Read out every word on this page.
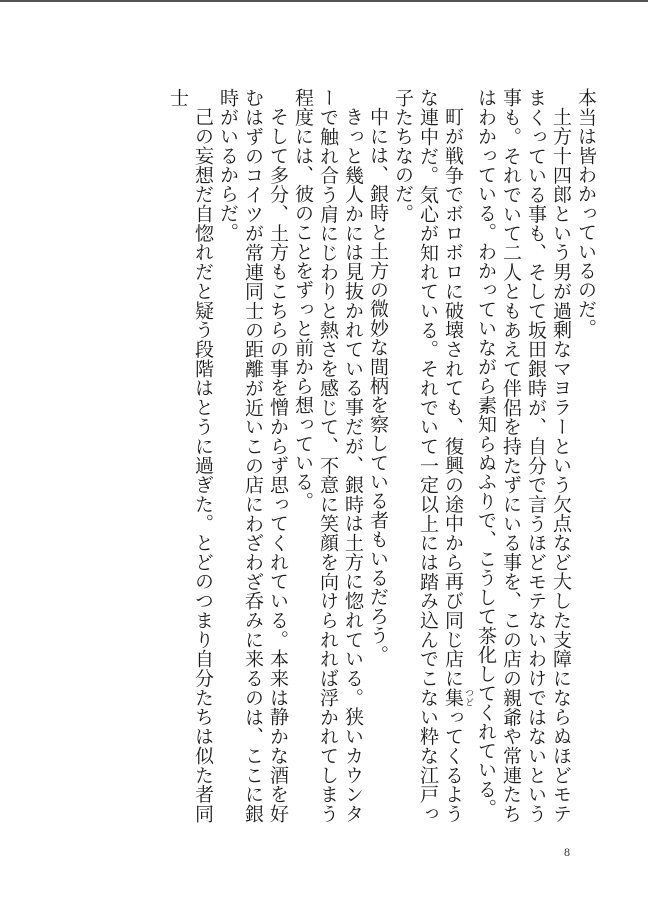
本当は皆わかっているのだ。

土方十四郎という男が過剰なマヨラーという欠点など大した支障にならぬほどモテまくっている事も、そして坂田銀時が、自分で言うほどモテないわけではないという事も。それでいて二人ともあえて伴侶を持たずにいる事を、この店の親爺や常連たちはわかっている。わかっていながら素知らぬふりで、こうして茶化してくれている。

町が戦争でボロボロに破壊されても、復興の途中から再び同じ店に集 つどってくるような連中だ。気心が知れている。それでいて一定以上には踏み込んでこない粋な江戸っ子たちなのだ。

中には、銀時と土方の微妙な間柄を察している者もいるだろう。

きっと幾人かには見抜かれている事だが、銀時は土方に惚れている。狭いカウンターで触れ合う肩にじわりと熱さを感じて、不意に笑顔を向けられれば浮かれてしまう程度には、彼のことをずっと前から想っている。

そして多分、土方もこちらの事を憎からず思ってくれている。本来は静かな酒を好むはずのコイツが常連同士の距離が近いこの店にわざわざ呑みに来るのは、ここに銀時がいるからだ。

己の妄想だ自惚れだと疑う段階はとうに過ぎた。とどのつまり自分たちは似た者同士

8
